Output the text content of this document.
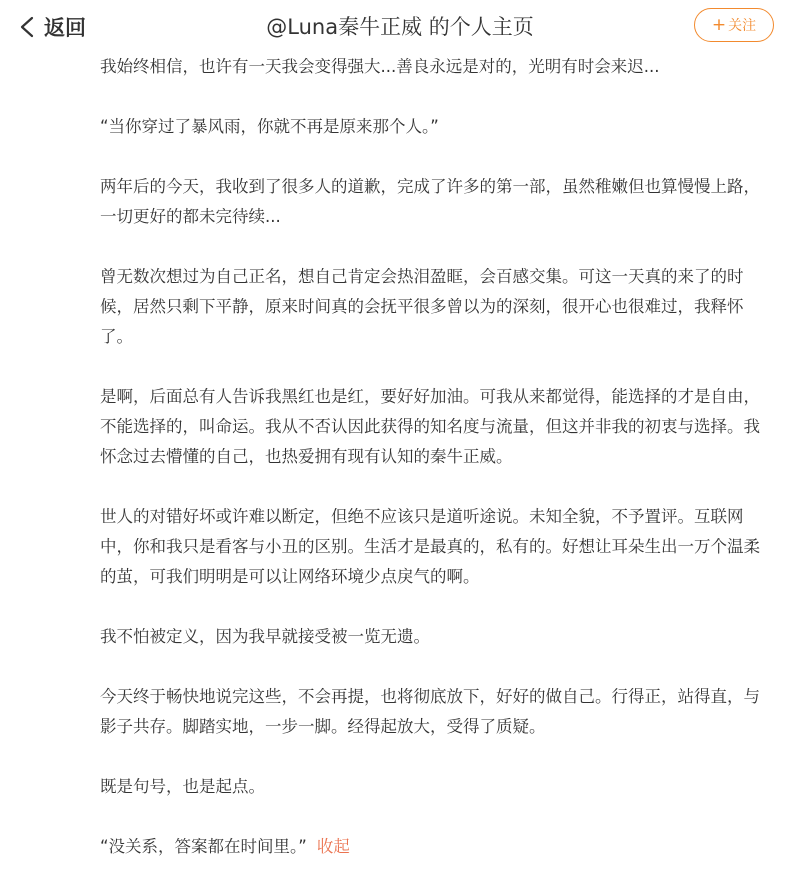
返回	@Luna秦牛正威 的个人主页	+ 关注

我始终相信，也许有一天我会变得强大...善良永远是对的，光明有时会来迟...

“当你穿过了暴风雨，你就不再是原来那个人。”

两年后的今天，我收到了很多人的道歉，完成了许多的第一部，虽然稚嫩但也算慢慢上路，一切更好的都未完待续...

曾无数次想过为自己正名，想自己肯定会热泪盈眶，会百感交集。可这一天真的来了的时候，居然只剩下平静，原来时间真的会抚平很多曾以为的深刻，很开心也很难过，我释怀了。

是啊，后面总有人告诉我黑红也是红，要好好加油。可我从来都觉得，能选择的才是自由，不能选择的，叫命运。我从不否认因此获得的知名度与流量，但这并非我的初衷与选择。我怀念过去懵懂的自己，也热爱拥有现有认知的秦牛正威。

世人的对错好坏或许难以断定，但绝不应该只是道听途说。未知全貌，不予置评。互联网中，你和我只是看客与小丑的区别。生活才是最真的，私有的。好想让耳朵生出一万个温柔的茧，可我们明明是可以让网络环境少点戾气的啊。

我不怕被定义，因为我早就接受被一览无遗。

今天终于畅快地说完这些，不会再提，也将彻底放下，好好的做自己。行得正，站得直，与影子共存。脚踏实地，一步一脚。经得起放大，受得了质疑。

既是句号，也是起点。

“没关系，答案都在时间里。” 收起
